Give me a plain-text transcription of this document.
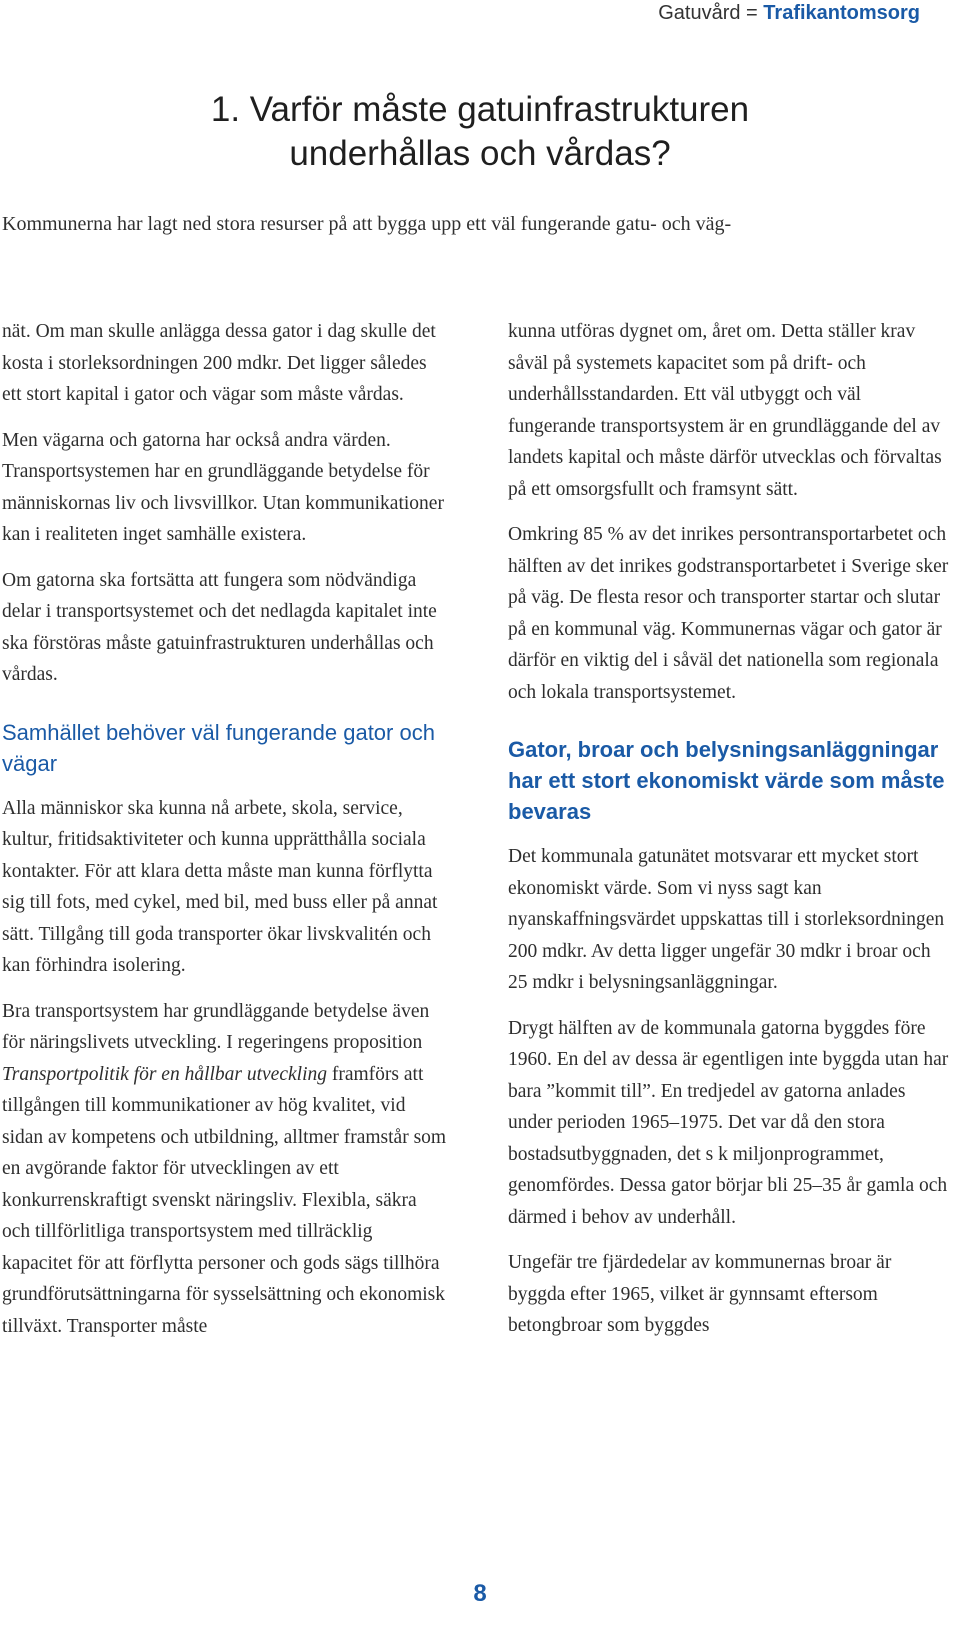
Gatuvård = Trafikantomsorg
1. Varför måste gatuinfrastrukturen
underhållas och vårdas?

Kommunerna har lagt ned stora resurser på att bygga upp ett väl fungerande gatu- och väg-

nät. Om man skulle anlägga dessa gator i dag skulle det kosta i storleksordningen 200 mdkr. Det ligger således ett stort kapital i gator och vägar som måste vårdas.

Men vägarna och gatorna har också andra värden. Transportsystemen har en grundläggande betydelse för människornas liv och livsvillkor. Utan kommunikationer kan i realiteten inget samhälle existera.

Om gatorna ska fortsätta att fungera som nödvändiga delar i transportsystemet och det nedlagda kapitalet inte ska förstöras måste gatuinfrastrukturen underhållas och vårdas.

Samhället behöver väl fungerande gator och vägar

Alla människor ska kunna nå arbete, skola, service, kultur, fritidsaktiviteter och kunna upprätthålla sociala kontakter. För att klara detta måste man kunna förflytta sig till fots, med cykel, med bil, med buss eller på annat sätt. Tillgång till goda transporter ökar livskvalitén och kan förhindra isolering.

Bra transportsystem har grundläggande betydelse även för näringslivets utveckling. I regeringens proposition Transportpolitik för en hållbar utveckling framförs att tillgången till kommunikationer av hög kvalitet, vid sidan av kompetens och utbildning, alltmer framstår som en avgörande faktor för utvecklingen av ett konkurrenskraftigt svenskt näringsliv. Flexibla, säkra och tillförlitliga transportsystem med tillräcklig kapacitet för att förflytta personer och gods sägs tillhöra grundförutsättningarna för sysselsättning och ekonomisk tillväxt. Transporter måste

kunna utföras dygnet om, året om. Detta ställer krav såväl på systemets kapacitet som på drift- och underhållsstandarden. Ett väl utbyggt och väl fungerande transportsystem är en grundläggande del av landets kapital och måste därför utvecklas och förvaltas på ett omsorgsfullt och framsynt sätt.

Omkring 85 % av det inrikes persontransportarbetet och hälften av det inrikes godstransportarbetet i Sverige sker på väg. De flesta resor och transporter startar och slutar på en kommunal väg. Kommunernas vägar och gator är därför en viktig del i såväl det nationella som regionala och lokala transportsystemet.

Gator, broar och belysningsanläggningar har ett stort ekonomiskt värde som måste bevaras

Det kommunala gatunätet motsvarar ett mycket stort ekonomiskt värde. Som vi nyss sagt kan nyanskaffningsvärdet uppskattas till i storleksordningen 200 mdkr. Av detta ligger ungefär 30 mdkr i broar och 25 mdkr i belysningsanläggningar.

Drygt hälften av de kommunala gatorna byggdes före 1960. En del av dessa är egentligen inte byggda utan har bara ”kommit till”. En tredjedel av gatorna anlades under perioden 1965–1975. Det var då den stora bostadsutbyggnaden, det s k miljonprogrammet, genomfördes. Dessa gator börjar bli 25–35 år gamla och därmed i behov av underhåll.

Ungefär tre fjärdedelar av kommunernas broar är byggda efter 1965, vilket är gynnsamt eftersom betongbroar som byggdes

8
